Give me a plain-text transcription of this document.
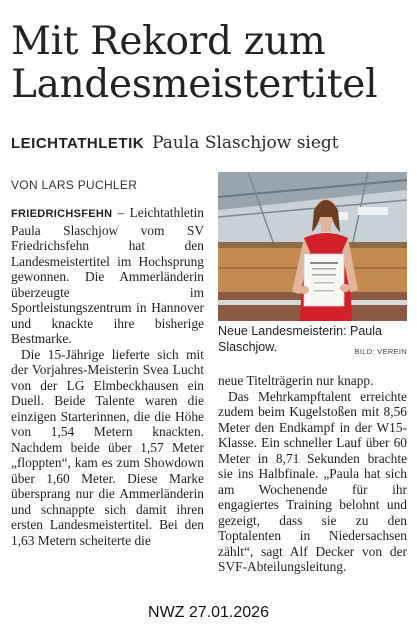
Mit Rekord zum
Landesmeistertitel
LEICHTATHLETIK Paula Slaschjow siegt
VON LARS PUCHLER

FRIEDRICHSFEHN – Leichtathletin Paula Slaschjow vom SV Friedrichsfehn hat den Landesmeistertitel im Hochsprung gewonnen. Die Ammerländerin überzeugte im Sportleistungszentrum in Hannover und knackte ihre bisherige Bestmarke.

Die 15-Jährige lieferte sich mit der Vorjahres-Meisterin Svea Lucht von der LG Elmbeckhausen ein Duell. Beide Talente waren die einzigen Starterinnen, die die Höhe von 1,54 Metern knackten. Nachdem beide über 1,57 Meter „floppten“, kam es zum Showdown über 1,60 Meter. Diese Marke übersprang nur die Ammerländerin und schnappte sich damit ihren ersten Landesmeistertitel. Bei den 1,63 Metern scheiterte die

Neue Landesmeisterin: Paula Slaschjow.	BILD: VEREIN

neue Titelträgerin nur knapp.

Das Mehrkampftalent erreichte zudem beim Kugelstoßen mit 8,56 Meter den Endkampf in der W15-Klasse. Ein schneller Lauf über 60 Meter in 8,71 Sekunden brachte sie ins Halbfinale. „Paula hat sich am Wochenende für ihr engagiertes Training belohnt und gezeigt, dass sie zu den Toptalenten in Niedersachsen zählt“, sagt Alf Decker von der SVF-Abteilungsleitung.

NWZ 27.01.2026
